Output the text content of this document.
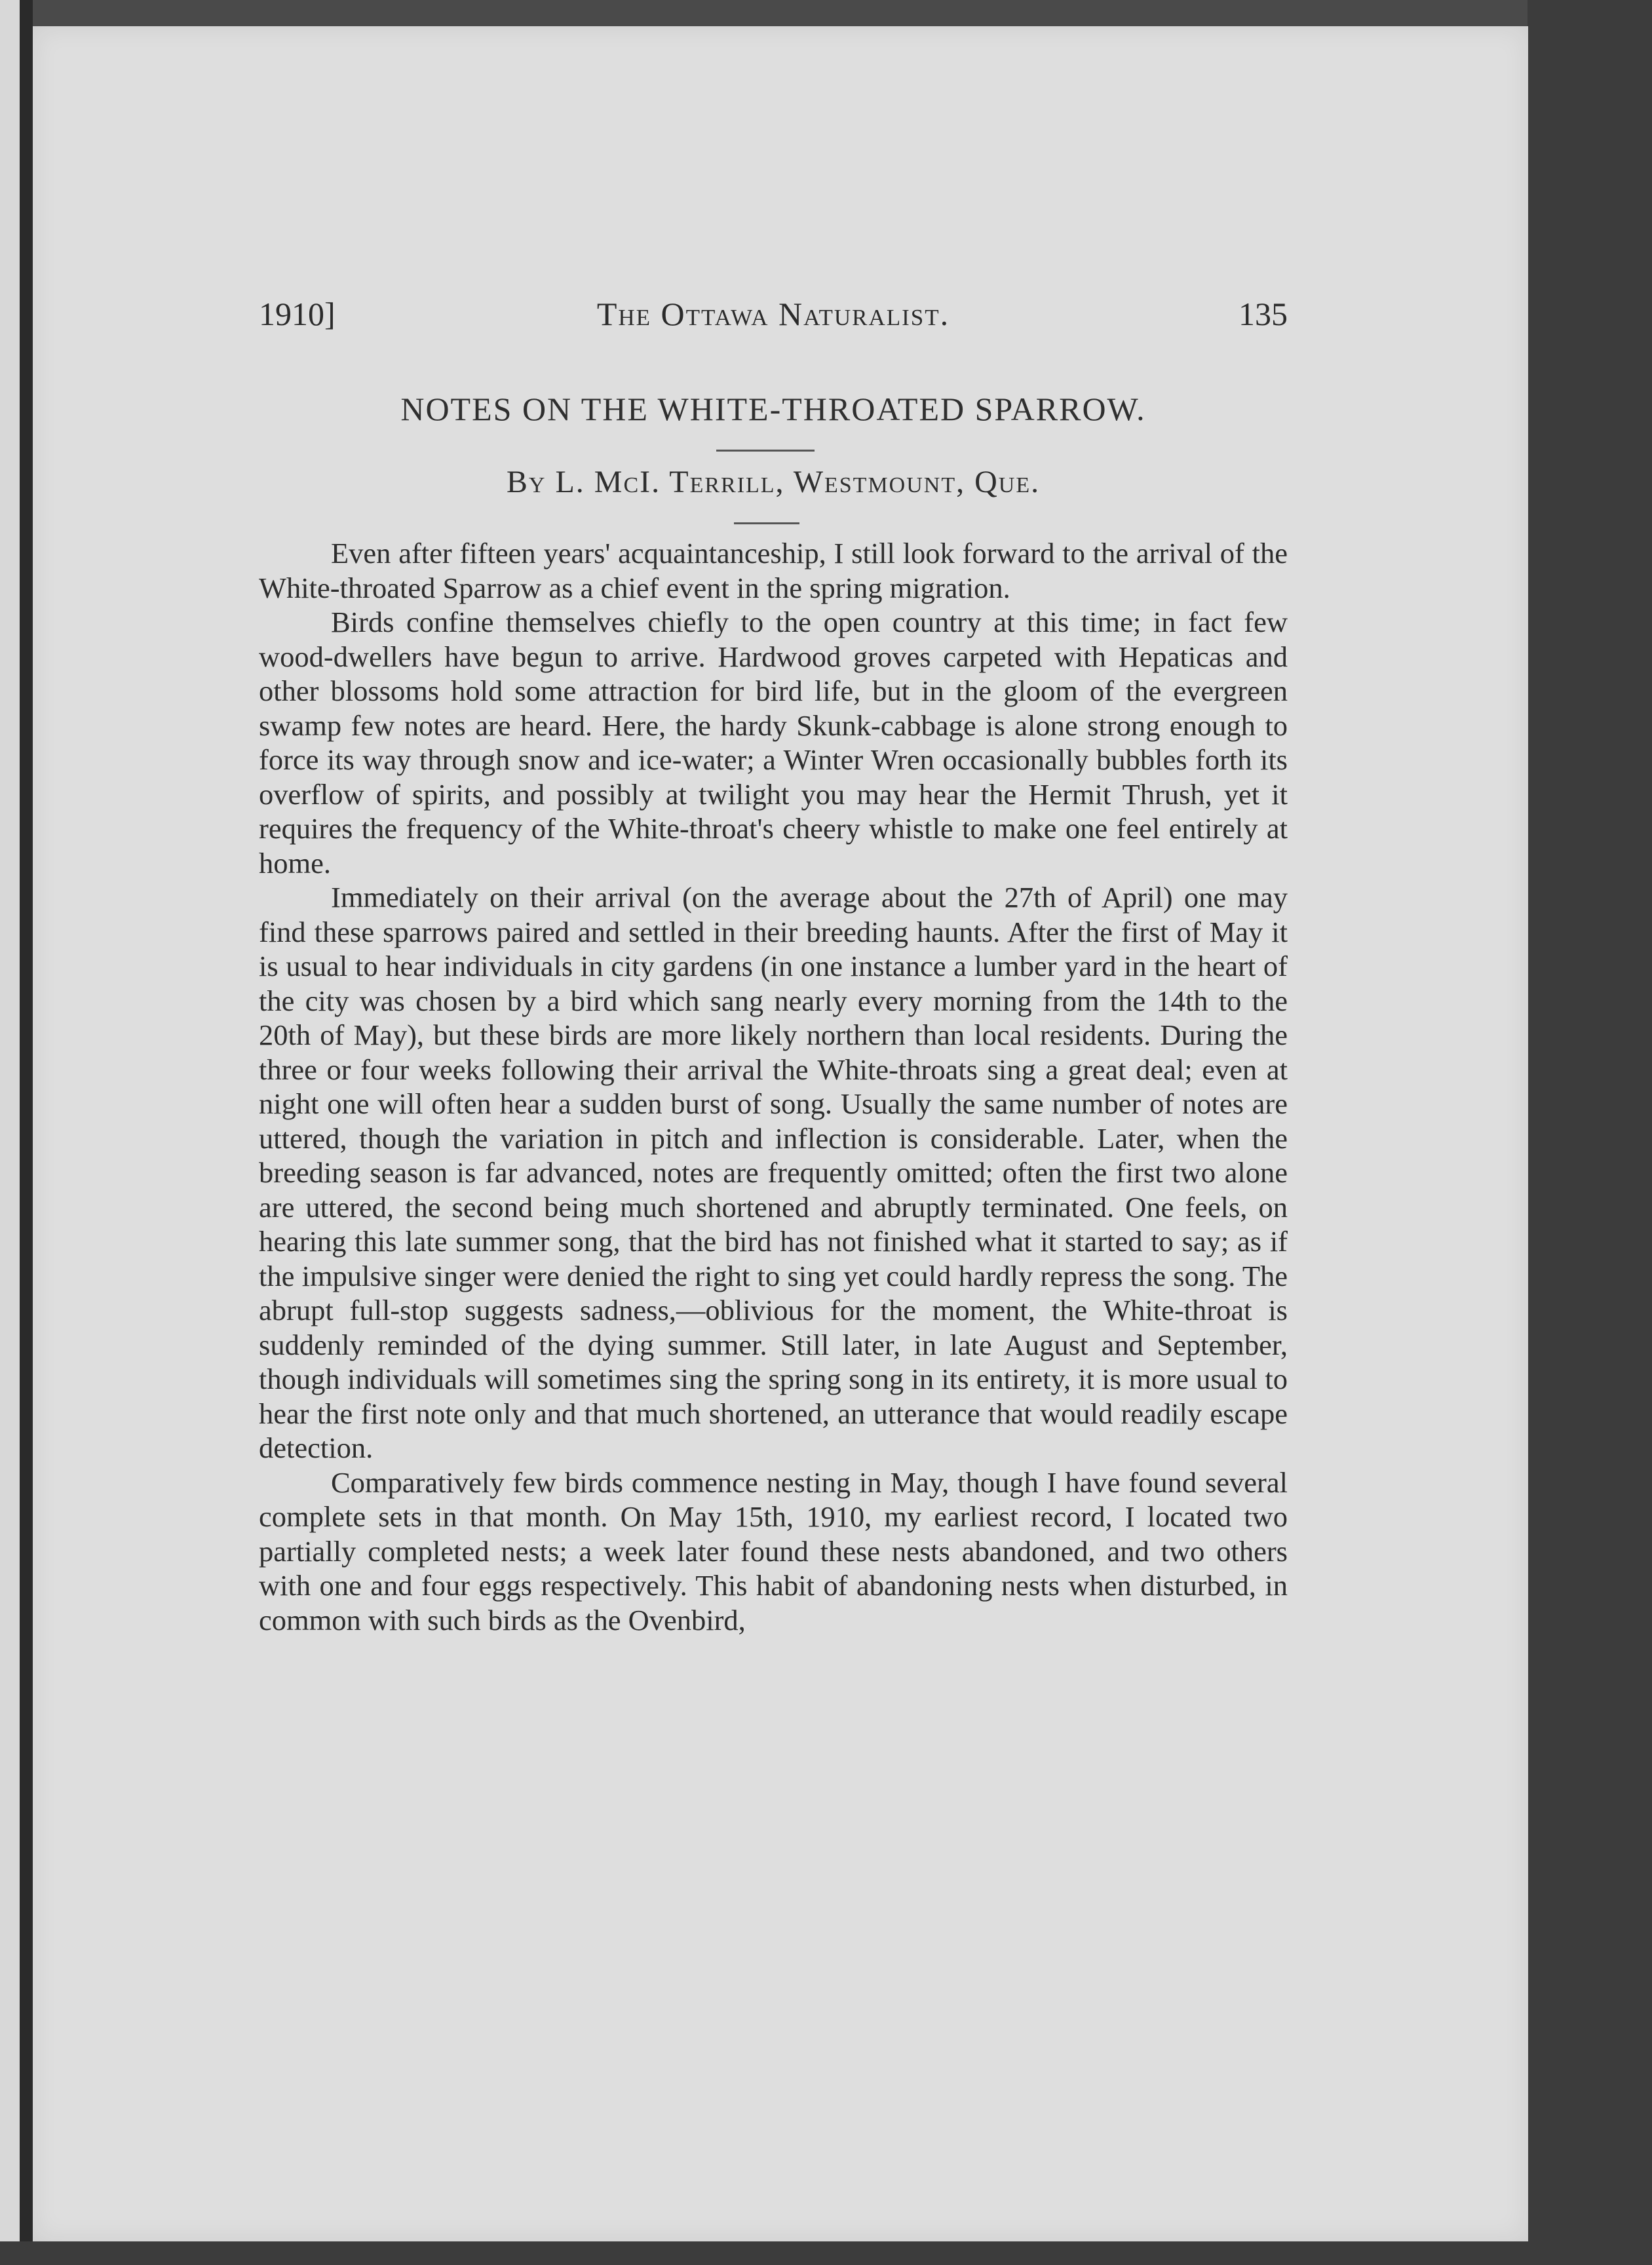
1910]	The Ottawa Naturalist.	135
NOTES ON THE WHITE-THROATED SPARROW.
By L. McI. Terrill, Westmount, Que.

Even after fifteen years' acquaintanceship, I still look forward to the arrival of the White-throated Sparrow as a chief event in the spring migration.

Birds confine themselves chiefly to the open country at this time; in fact few wood-dwellers have begun to arrive. Hardwood groves carpeted with Hepaticas and other blossoms hold some attraction for bird life, but in the gloom of the evergreen swamp few notes are heard. Here, the hardy Skunk-cabbage is alone strong enough to force its way through snow and ice-water; a Winter Wren occasionally bubbles forth its overflow of spirits, and possibly at twilight you may hear the Hermit Thrush, yet it requires the frequency of the White-throat's cheery whistle to make one feel entirely at home.

Immediately on their arrival (on the average about the 27th of April) one may find these sparrows paired and settled in their breeding haunts. After the first of May it is usual to hear individuals in city gardens (in one instance a lumber yard in the heart of the city was chosen by a bird which sang nearly every morning from the 14th to the 20th of May), but these birds are more likely northern than local residents. During the three or four weeks following their arrival the White-throats sing a great deal; even at night one will often hear a sudden burst of song. Usually the same number of notes are uttered, though the variation in pitch and inflection is considerable. Later, when the breeding season is far advanced, notes are frequently omitted; often the first two alone are uttered, the second being much shortened and abruptly terminated. One feels, on hearing this late summer song, that the bird has not finished what it started to say; as if the impulsive singer were denied the right to sing yet could hardly repress the song. The abrupt full-stop suggests sadness,—oblivious for the moment, the White-throat is suddenly reminded of the dying summer. Still later, in late August and September, though individuals will sometimes sing the spring song in its entirety, it is more usual to hear the first note only and that much shortened, an utterance that would readily escape detection.

Comparatively few birds commence nesting in May, though I have found several complete sets in that month. On May 15th, 1910, my earliest record, I located two partially completed nests; a week later found these nests abandoned, and two others with one and four eggs respectively. This habit of abandoning nests when disturbed, in common with such birds as the Ovenbird,
